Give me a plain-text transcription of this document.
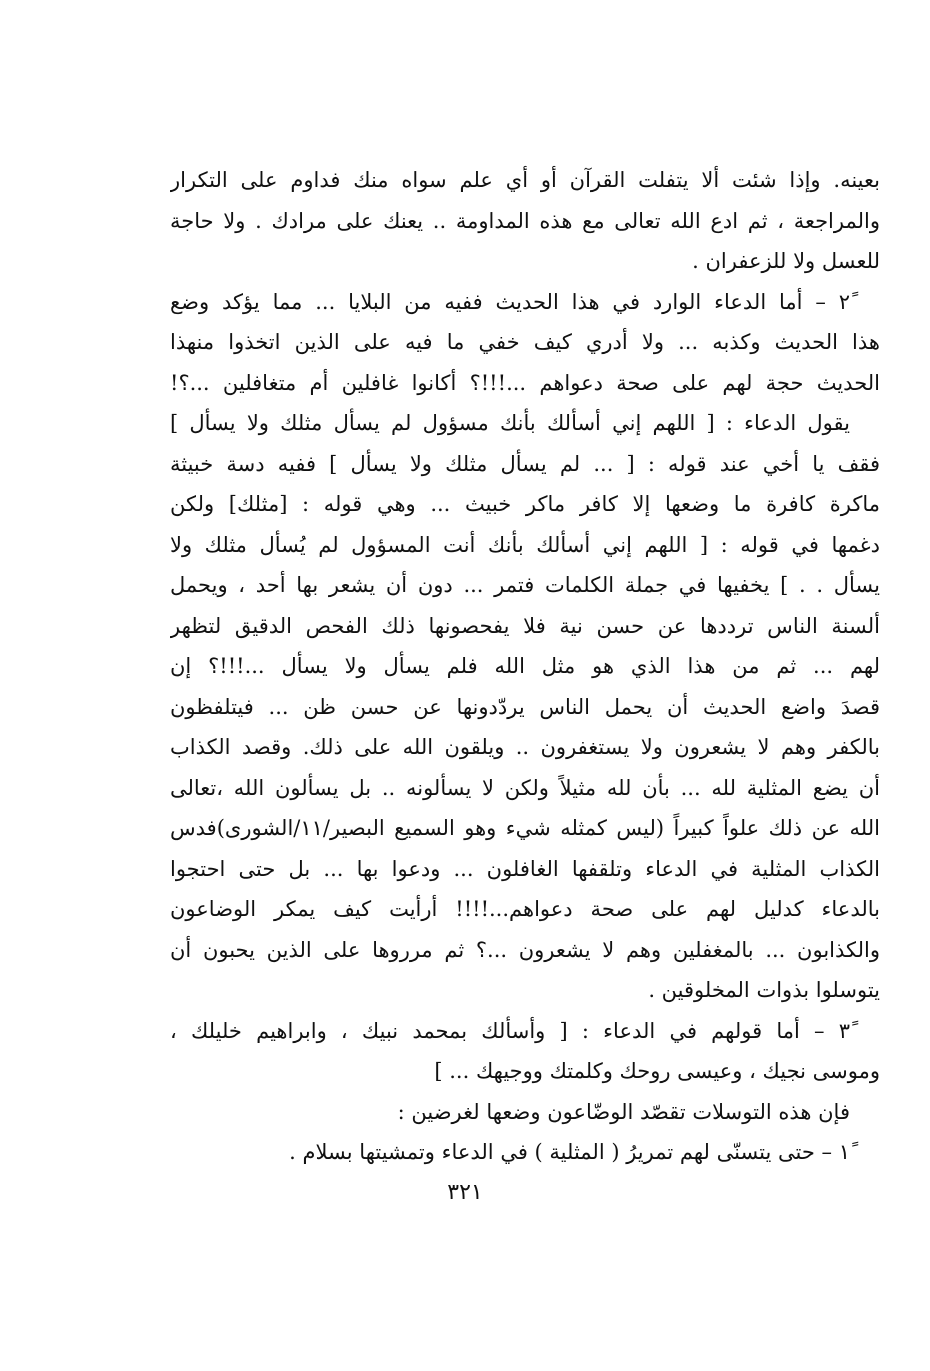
بعينه. وإذا شئت ألا يتفلت القرآن أو أي علم سواه منك فداوم على التكرار
والمراجعة ، ثم ادع الله تعالى مع هذه المداومة .. يعنك على مرادك . ولا حاجة
للعسل ولا للزعفران .
٢ً – أما الدعاء الوارد في هذا الحديث ففيه من البلايا ... مما يؤكد وضع
هذا الحديث وكذبه ... ولا أدري كيف خفي ما فيه على الذين اتخذوا منهذا
الحديث حجة لهم على صحة دعواهم ...!!!؟ أكانوا غافلين أم متغافلين ...؟!
يقول الدعاء : [ اللهم إني أسألك بأنك مسؤول لم يسأل مثلك ولا يسأل ]
فقف يا أخي عند قوله : [ ... لم يسأل مثلك ولا يسأل ] ففيه دسة خبيثة
ماكرة كافرة ما وضعها إلا كافر ماكر خبيث ... وهي قوله : [مثلك] ولكن
دغمها في قوله : [ اللهم إني أسألك بأنك أنت المسؤول لم يُسأل مثلك ولا
يسأل . . ] يخفيها في جملة الكلمات فتمر ... دون أن يشعر بها أحد ، ويحمل
ألسنة الناس ترددها عن حسن نية فلا يفحصونها ذلك الفحص الدقيق لتظهر
لهم ... ثم من هذا الذي هو مثل الله فلم يسأل ولا يسأل ...!!!؟ إن
قصدَ واضع الحديث أن يحمل الناس يردّدونها عن حسن ظن ... فيتلفظون
بالكفر وهم لا يشعرون ولا يستغفرون .. ويلقون الله على ذلك. وقصد الكذاب
أن يضع المثلية لله ... بأن لله مثيلاً ولكن لا يسألونه .. بل يسألون الله ،تعالى
الله عن ذلك علواً كبيراً (ليس كمثله شيء وهو السميع البصير/١١/الشورى)فدس
الكذاب المثلية في الدعاء وتلقفها الغافلون ... ودعوا بها ... بل حتى احتجوا
بالدعاء كدليل لهم على صحة دعواهم...!!!! أرأيت كيف يمكر الوضاعون
والكذابون ... بالمغفلين وهم لا يشعرون ...؟ ثم مرروها على الذين يحبون أن
يتوسلوا بذوات المخلوقين .
٣ً – أما قولهم في الدعاء : [ وأسألك بمحمد نبيك ، وابراهيم خليلك ،
وموسى نجيك ، وعيسى روحك وكلمتك ووجيهك ... ]
فإن هذه التوسلات تقصّد الوضّاعون وضعها لغرضين :
١ً – حتى يتسنّى لهم تمريرُ ( المثلية ) في الدعاء وتمشيتها بسلام .
٣٢١
